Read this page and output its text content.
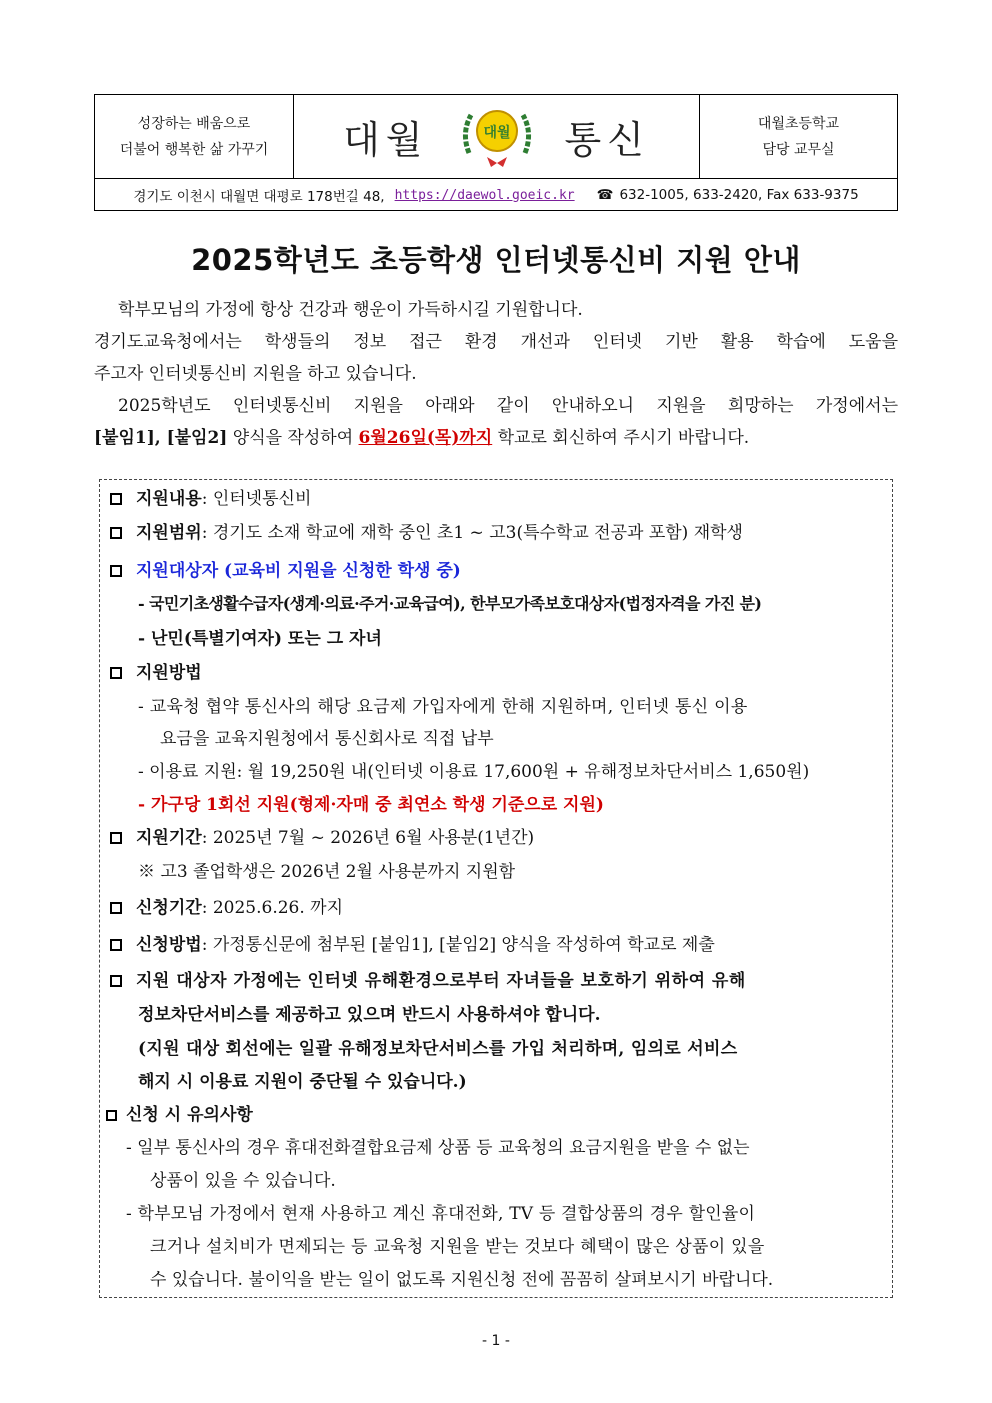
성장하는 배움으로
더불어 행복한 삶 가꾸기 대월	대월 통신	대월초등학교
담당 교무실
경기도 이천시 대월면 대평로 178번길 48, https://daewol.goeic.kr ☎ 632-1005, 633-2420, Fax 633-9375
2025학년도 초등학생 인터넷통신비 지원 안내

학부모님의 가정에 항상 건강과 행운이 가득하시길 기원합니다.

경기도교육청에서는 학생들의 정보 접근 환경 개선과 인터넷 기반 활용 학습에 도움을

주고자 인터넷통신비 지원을 하고 있습니다.

2025학년도 인터넷통신비 지원을 아래와 같이 안내하오니 지원을 희망하는 가정에서는

[붙임1], [붙임2] 양식을 작성하여 6월26일(목)까지 학교로 회신하여 주시기 바랍니다.

지원내용: 인터넷통신비
지원범위: 경기도 소재 학교에 재학 중인 초1 ~ 고3(특수학교 전공과 포함) 재학생
지원대상자 (교육비 지원을 신청한 학생 중)
- 국민기초생활수급자(생계·의료·주거·교육급여), 한부모가족보호대상자(법정자격을 가진 분)
- 난민(특별기여자) 또는 그 자녀
지원방법
- 교육청 협약 통신사의 해당 요금제 가입자에게 한해 지원하며, 인터넷 통신 이용
요금을 교육지원청에서 통신회사로 직접 납부
- 이용료 지원: 월 19,250원 내(인터넷 이용료 17,600원 + 유해정보차단서비스 1,650원)
- 가구당 1회선 지원(형제·자매 중 최연소 학생 기준으로 지원)
지원기간: 2025년 7월 ~ 2026년 6월 사용분(1년간)
※ 고3 졸업학생은 2026년 2월 사용분까지 지원함
신청기간: 2025.6.26. 까지
신청방법: 가정통신문에 첨부된 [붙임1], [붙임2] 양식을 작성하여 학교로 제출
지원 대상자 가정에는 인터넷 유해환경으로부터 자녀들을 보호하기 위하여 유해
정보차단서비스를 제공하고 있으며 반드시 사용하셔야 합니다.
(지원 대상 회선에는 일괄 유해정보차단서비스를 가입 처리하며, 임의로 서비스
해지 시 이용료 지원이 중단될 수 있습니다.)
신청 시 유의사항
- 일부 통신사의 경우 휴대전화결합요금제 상품 등 교육청의 요금지원을 받을 수 없는
상품이 있을 수 있습니다.
- 학부모님 가정에서 현재 사용하고 계신 휴대전화, TV 등 결합상품의 경우 할인율이
크거나 설치비가 면제되는 등 교육청 지원을 받는 것보다 혜택이 많은 상품이 있을
수 있습니다. 불이익을 받는 일이 없도록 지원신청 전에 꼼꼼히 살펴보시기 바랍니다.
- 1 -
